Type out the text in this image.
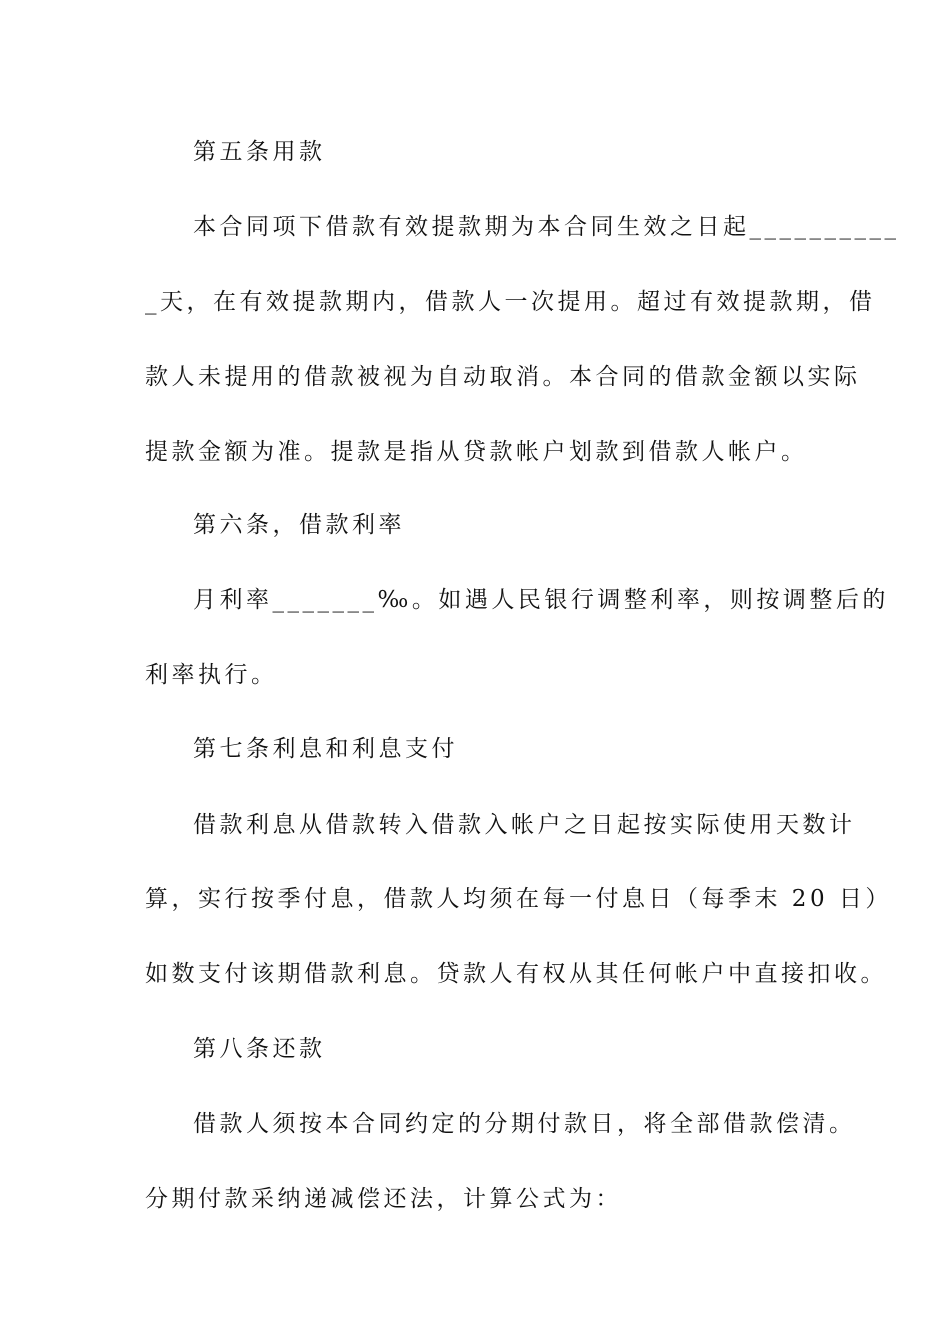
第五条用款
本合同项下借款有效提款期为本合同生效之日起__________
_天，在有效提款期内，借款人一次提用。超过有效提款期，借
款人未提用的借款被视为自动取消。本合同的借款金额以实际
提款金额为准。提款是指从贷款帐户划款到借款人帐户。
第六条，借款利率
月利率_______‰。如遇人民银行调整利率，则按调整后的
利率执行。
第七条利息和利息支付
借款利息从借款转入借款入帐户之日起按实际使用天数计
算，实行按季付息，借款人均须在每一付息日（每季末 20 日）
如数支付该期借款利息。贷款人有权从其任何帐户中直接扣收。
第八条还款
借款人须按本合同约定的分期付款日，将全部借款偿清。
分期付款采纳递减偿还法，计算公式为：
